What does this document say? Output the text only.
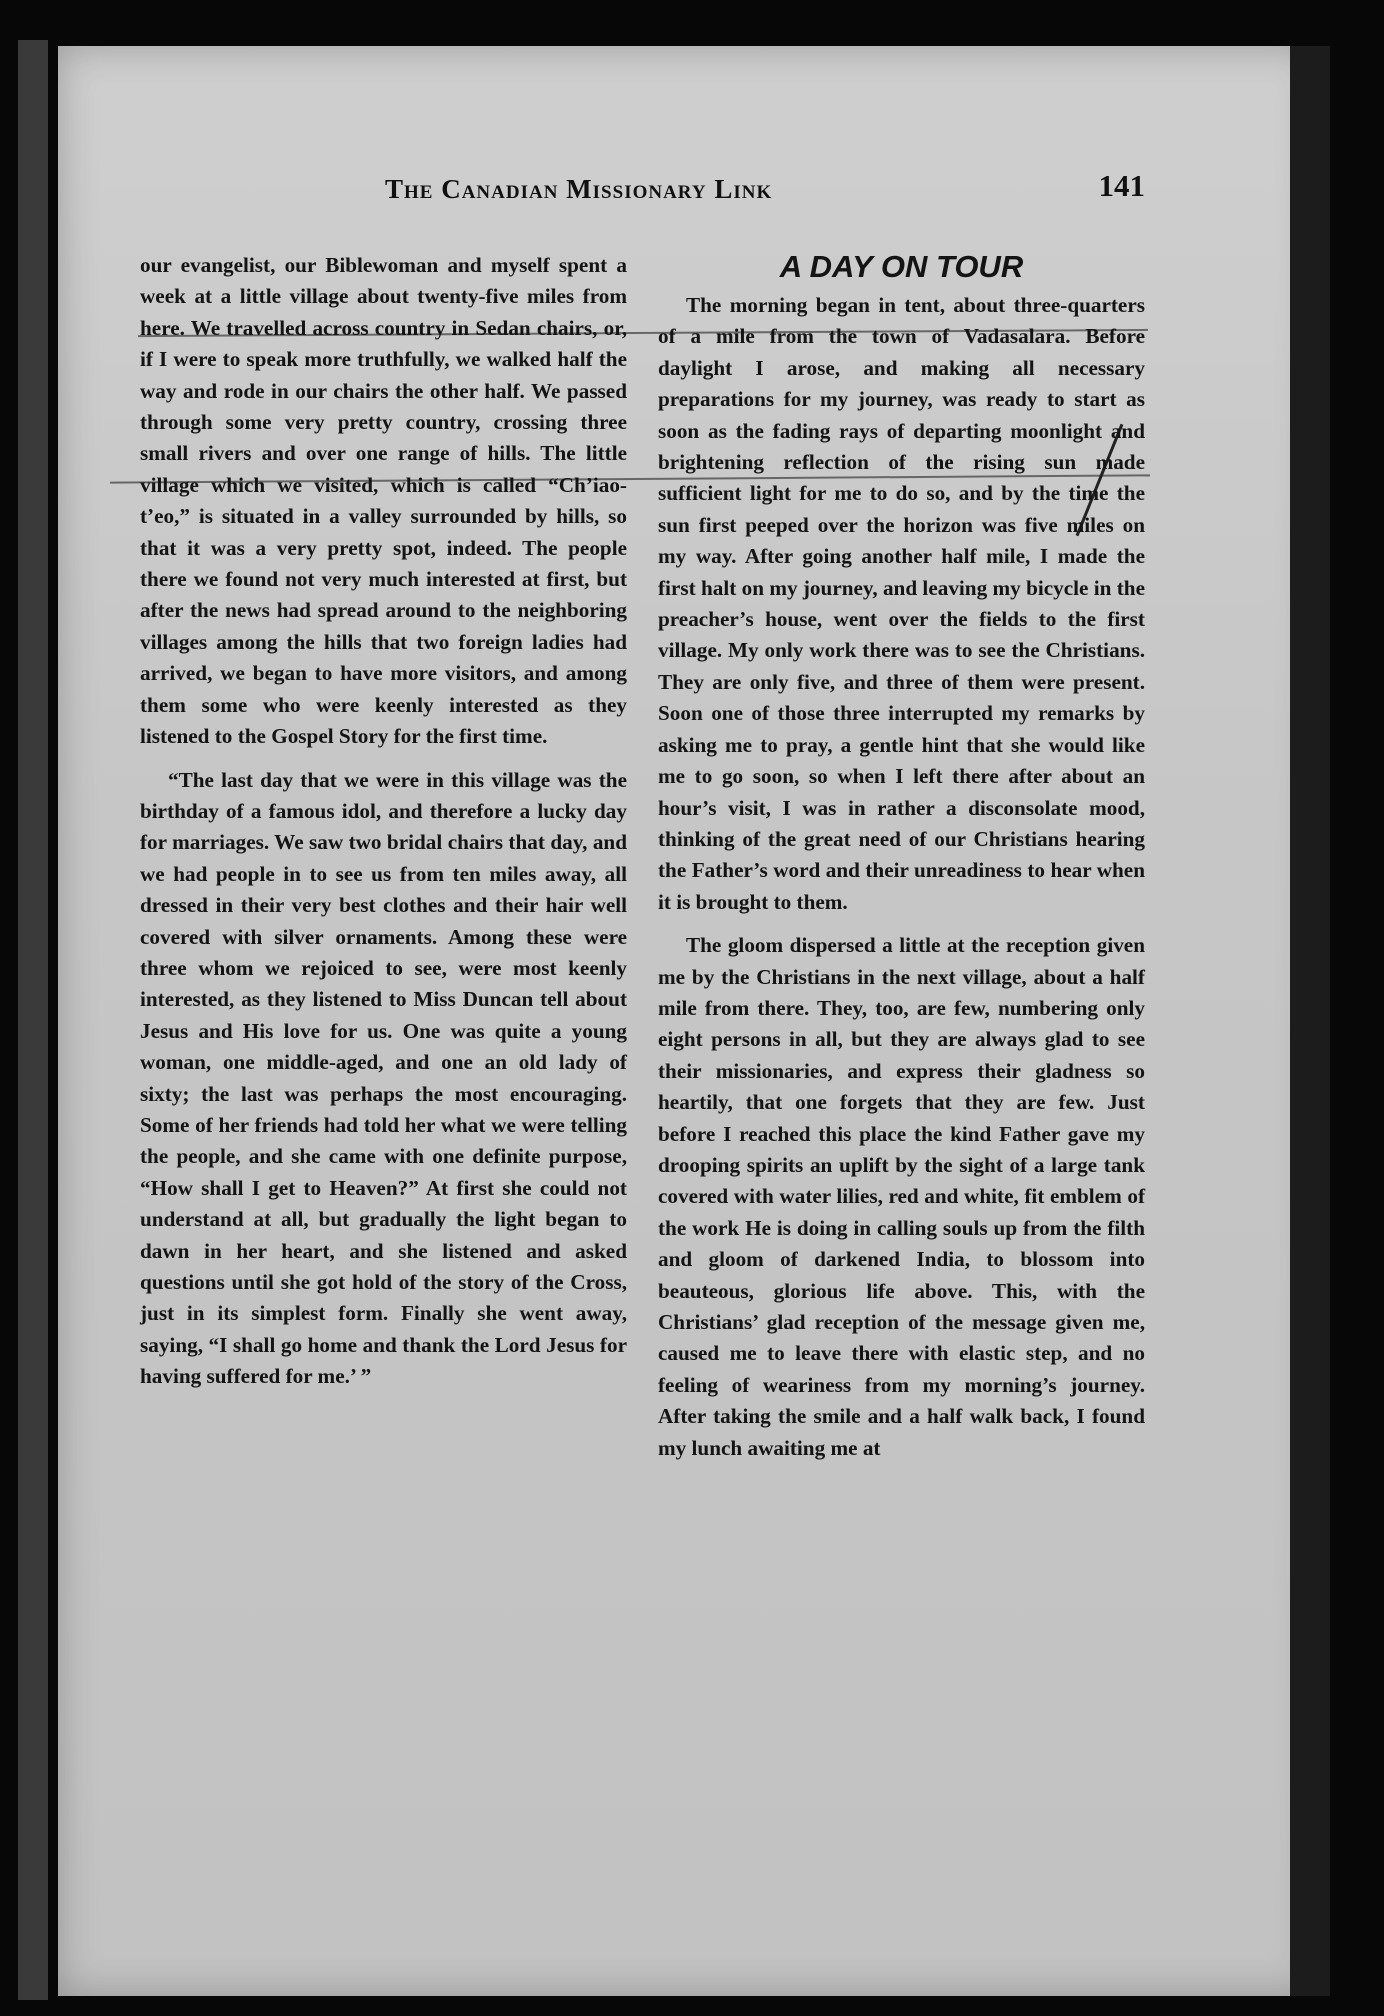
The Canadian Missionary Link	141

our evangelist, our Biblewoman and myself spent a week at a little village about twenty-five miles from here. We travelled across country in Sedan chairs, or, if I were to speak more truthfully, we walked half the way and rode in our chairs the other half. We passed through some very pretty country, crossing three small rivers and over one range of hills. The little village which we visited, which is called “Ch’iao-t’eo,” is situated in a valley surrounded by hills, so that it was a very pretty spot, indeed. The people there we found not very much interested at first, but after the news had spread around to the neighboring villages among the hills that two foreign ladies had arrived, we began to have more visitors, and among them some who were keenly interested as they listened to the Gospel Story for the first time.

“The last day that we were in this village was the birthday of a famous idol, and therefore a lucky day for marriages. We saw two bridal chairs that day, and we had people in to see us from ten miles away, all dressed in their very best clothes and their hair well covered with silver ornaments. Among these were three whom we rejoiced to see, were most keenly interested, as they listened to Miss Duncan tell about Jesus and His love for us. One was quite a young woman, one middle-aged, and one an old lady of sixty; the last was perhaps the most encouraging. Some of her friends had told her what we were telling the people, and she came with one definite purpose, “How shall I get to Heaven?” At first she could not understand at all, but gradually the light began to dawn in her heart, and she listened and asked questions until she got hold of the story of the Cross, just in its simplest form. Finally she went away, saying, “I shall go home and thank the Lord Jesus for having suffered for me.’ ”

A DAY ON TOUR

The morning began in tent, about three-quarters of a mile from the town of Vadasalara. Before daylight I arose, and making all necessary preparations for my journey, was ready to start as soon as the fading rays of departing moonlight and brightening reflection of the rising sun made sufficient light for me to do so, and by the time the sun first peeped over the horizon was five miles on my way. After going another half mile, I made the first halt on my journey, and leaving my bicycle in the preacher’s house, went over the fields to the first village. My only work there was to see the Christians. They are only five, and three of them were present. Soon one of those three interrupted my remarks by asking me to pray, a gentle hint that she would like me to go soon, so when I left there after about an hour’s visit, I was in rather a disconsolate mood, thinking of the great need of our Christians hearing the Father’s word and their unreadiness to hear when it is brought to them.

The gloom dispersed a little at the reception given me by the Christians in the next village, about a half mile from there. They, too, are few, numbering only eight persons in all, but they are always glad to see their missionaries, and express their gladness so heartily, that one forgets that they are few. Just before I reached this place the kind Father gave my drooping spirits an uplift by the sight of a large tank covered with water lilies, red and white, fit emblem of the work He is doing in calling souls up from the filth and gloom of darkened India, to blossom into beauteous, glorious life above. This, with the Christians’ glad reception of the message given me, caused me to leave there with elastic step, and no feeling of weariness from my morning’s journey. After taking the smile and a half walk back, I found my lunch awaiting me at
